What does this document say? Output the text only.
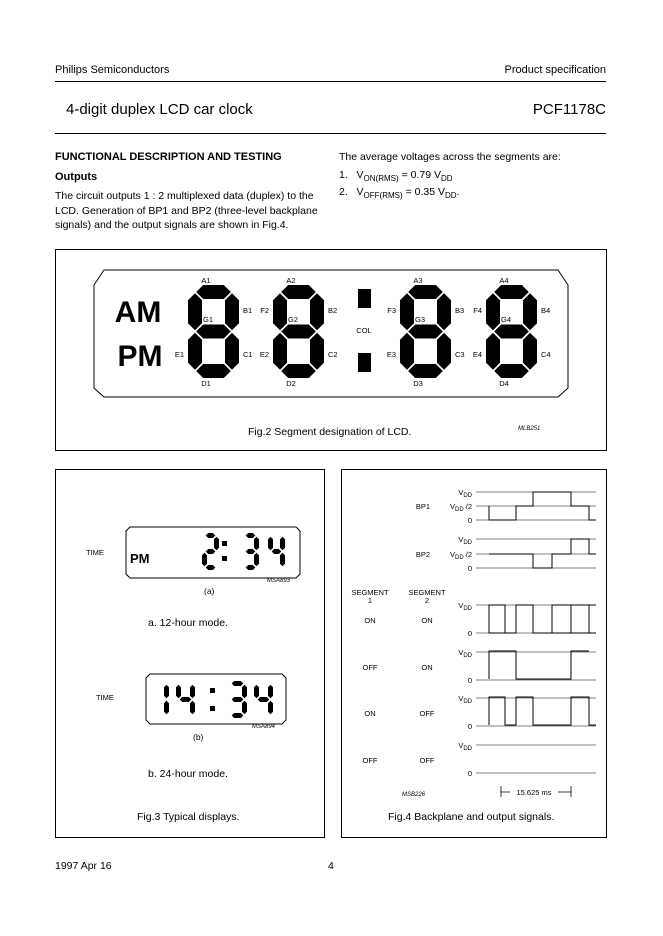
Philips Semiconductors	Product specification
4-digit duplex LCD car clock	PCF1178C
FUNCTIONAL DESCRIPTION AND TESTING
Outputs
The circuit outputs 1 : 2 multiplexed data (duplex) to the LCD. Generation of BP1 and BP2 (three-level backplane signals) and the output signals are shown in Fig.4.
The average voltages across the segments are:
1. $V_{ON(RMS)} = 0.79$ $V_{DD}$
2. $V_{OFF(RMS)} = 0.35$ $V_{DD}$.
AM
PM
COL
A1
G1
D1
B1
C1
E1
A2
G2
D2
B2
C2
E2
F2
A3
G3
D3
B3
C3
E3
F3
A4
G4
D4
B4
C4
E4
F4
MLB251
Fig.2 Segment designation of LCD.
TIME PM
MSA893
(a)
a. 12-hour mode.
TIME
MSA894
(b)
b. 24-hour mode.
Fig.3 Typical displays.
$V_{DD}$
$V_{DD}$ /2
0
BP1
$V_{DD}$
$V_{DD}$ /2
0
BP2
SEGMENT
1
SEGMENT
2
$V_{DD}$
0
ON	ON
$V_{DD}$
0
OFF	ON
$V_{DD}$
0
ON	OFF
$V_{DD}$
0
OFF	OFF
15.625 ms
MSB226
Fig.4 Backplane and output signals.
1997 Apr 16	4
